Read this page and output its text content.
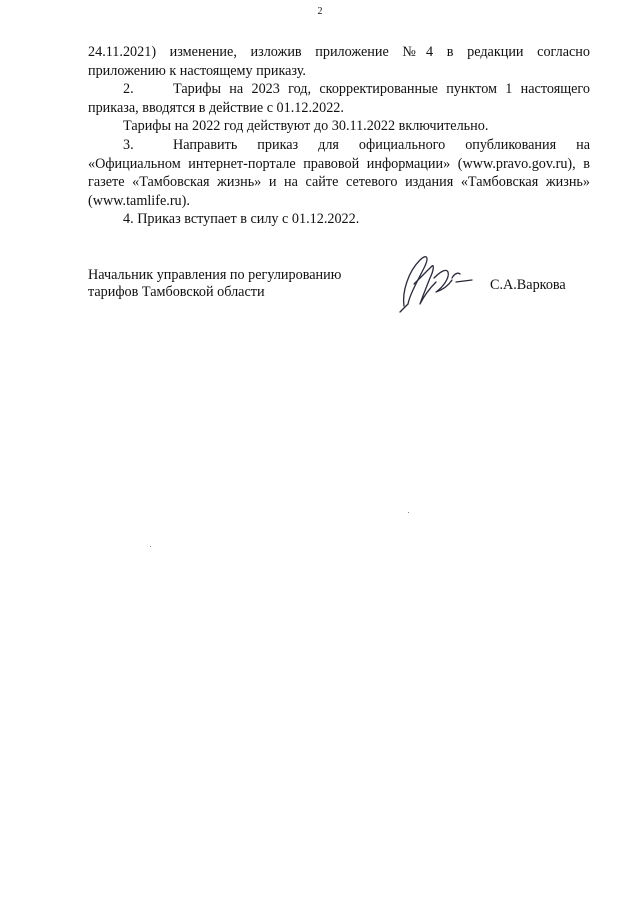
2

24.11.2021) изменение, изложив приложение №4 в редакции согласно
приложению к настоящему приказу.

2.	Тарифы на 2023 год, скорректированные пунктом 1 настоящего приказа, вводятся в действие с 01.12.2022.

Тарифы на 2022 год действуют до 30.11.2022 включительно.

3.	Направить приказ для официального опубликования на «Официальном интернет-портале правовой информации» (www.pravo.gov.ru), в газете «Тамбовская жизнь» и на сайте сетевого издания «Тамбовская жизнь» (www.tamlife.ru).

4. Приказ вступает в силу с 01.12.2022.

Начальник управления по регулированию
тарифов Тамбовской области	С.А.Варкова
